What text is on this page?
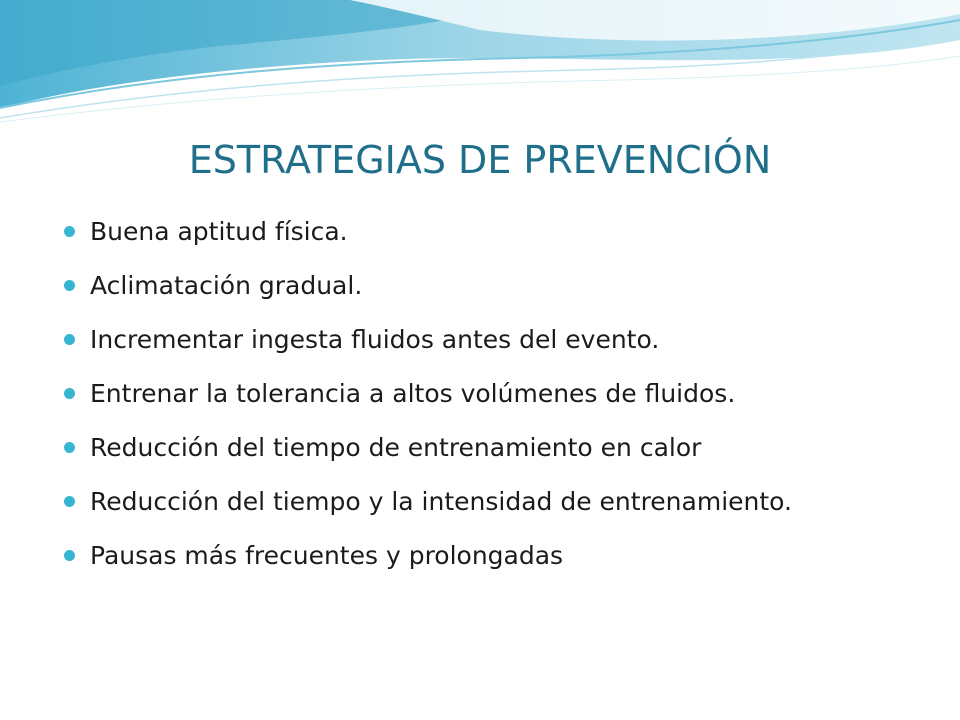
ESTRATEGIAS DE PREVENCIÓN
Buena aptitud física.
Aclimatación gradual.
Incrementar ingesta fluidos antes del evento.
Entrenar la tolerancia a altos volúmenes de fluidos.
Reducción del tiempo de entrenamiento en calor
Reducción del tiempo y la intensidad de entrenamiento.
Pausas más frecuentes y prolongadas
